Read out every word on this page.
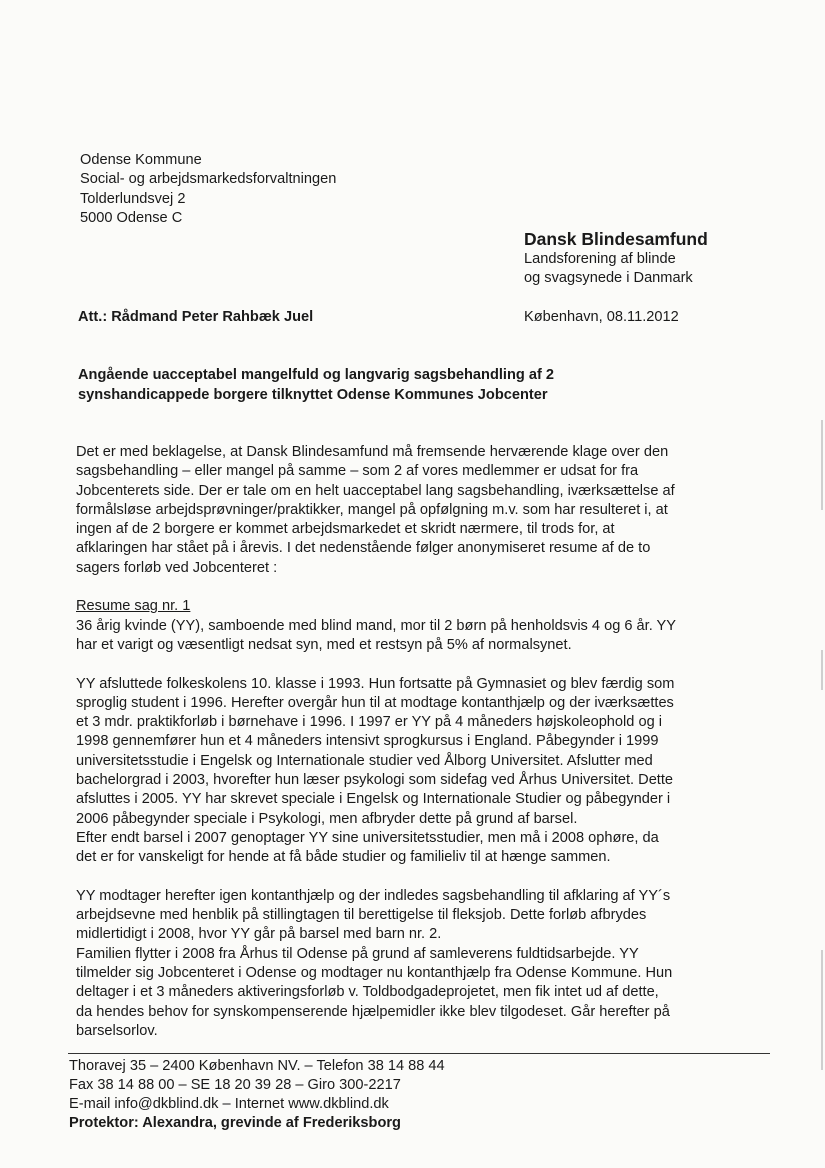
Odense Kommune
Social- og arbejdsmarkedsforvaltningen
Tolderlundsvej 2
5000 Odense C
Dansk Blindesamfund
Landsforening af blinde
og svagsynede i Danmark
Att.: Rådmand Peter Rahbæk Juel	København, 08.11.2012
Angående uacceptabel mangelfuld og langvarig sagsbehandling af 2
synshandicappede borgere tilknyttet Odense Kommunes Jobcenter

Det er med beklagelse, at Dansk Blindesamfund må fremsende herværende klage over den
sagsbehandling – eller mangel på samme – som 2 af vores medlemmer er udsat for fra
Jobcenterets side. Der er tale om en helt uacceptabel lang sagsbehandling, iværksættelse af
formålsløse arbejdsprøvninger/praktikker, mangel på opfølgning m.v. som har resulteret i, at
ingen af de 2 borgere er kommet arbejdsmarkedet et skridt nærmere, til trods for, at
afklaringen har stået på i årevis. I det nedenstående følger anonymiseret resume af de to
sagers forløb ved Jobcenteret :

Resume sag nr. 1
36 årig kvinde (YY), samboende med blind mand, mor til 2 børn på henholdsvis 4 og 6 år. YY
har et varigt og væsentligt nedsat syn, med et restsyn på 5% af normalsynet.

YY afsluttede folkeskolens 10. klasse i 1993. Hun fortsatte på Gymnasiet og blev færdig som
sproglig student i 1996. Herefter overgår hun til at modtage kontanthjælp og der iværksættes
et 3 mdr. praktikforløb i børnehave i 1996. I 1997 er YY på 4 måneders højskoleophold og i
1998 gennemfører hun et 4 måneders intensivt sprogkursus i England. Påbegynder i 1999
universitetsstudie i Engelsk og Internationale studier ved Ålborg Universitet. Afslutter med
bachelorgrad i 2003, hvorefter hun læser psykologi som sidefag ved Århus Universitet. Dette
afsluttes i 2005. YY har skrevet speciale i Engelsk og Internationale Studier og påbegynder i
2006 påbegynder speciale i Psykologi, men afbryder dette på grund af barsel.
Efter endt barsel i 2007 genoptager YY sine universitetsstudier, men må i 2008 ophøre, da
det er for vanskeligt for hende at få både studier og familieliv til at hænge sammen.

YY modtager herefter igen kontanthjælp og der indledes sagsbehandling til afklaring af YY´s
arbejdsevne med henblik på stillingtagen til berettigelse til fleksjob. Dette forløb afbrydes
midlertidigt i 2008, hvor YY går på barsel med barn nr. 2.
Familien flytter i 2008 fra Århus til Odense på grund af samleverens fuldtidsarbejde. YY
tilmelder sig Jobcenteret i Odense og modtager nu kontanthjælp fra Odense Kommune. Hun
deltager i et 3 måneders aktiveringsforløb v. Toldbodgadeprojetet, men fik intet ud af dette,
da hendes behov for synskompenserende hjælpemidler ikke blev tilgodeset. Går herefter på
barselsorlov.

Thoravej 35 – 2400 København NV. – Telefon 38 14 88 44
Fax 38 14 88 00 – SE 18 20 39 28 – Giro 300-2217
E-mail info@dkblind.dk – Internet www.dkblind.dk
Protektor: Alexandra, grevinde af Frederiksborg
